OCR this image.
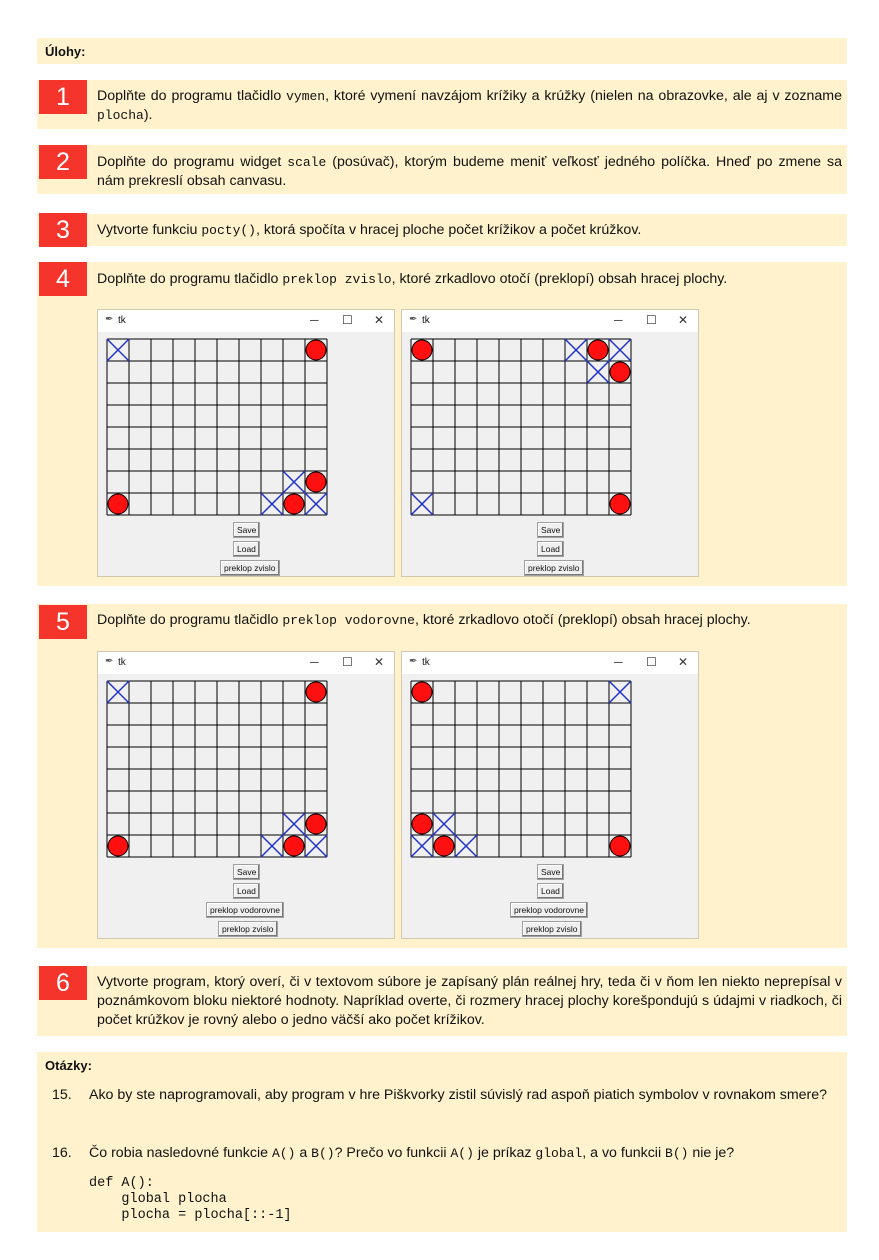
Úlohy:
Otázky:
1
2
3
4
5
6
Doplňte do programu tlačidlo vymen, ktoré vymení navzájom krížiky a krúžky (nielen na obrazovke, ale aj v zozname plocha).
Doplňte do programu widget scale (posúvač), ktorým budeme meniť veľkosť jedného políčka. Hneď po zmene sa nám prekreslí obsah canvasu.
Vytvorte funkciu pocty(), ktorá spočíta v hracej ploche počet krížikov a počet krúžkov.
Doplňte do programu tlačidlo preklop zvislo, ktoré zrkadlovo otočí (preklopí) obsah hracej plochy.
Doplňte do programu tlačidlo preklop vodorovne, ktoré zrkadlovo otočí (preklopí) obsah hracej plochy.
Vytvorte program, ktorý overí, či v textovom súbore je zapísaný plán reálnej hry, teda či v ňom len niekto neprepísal v poznámkovom bloku niektoré hodnoty. Napríklad overte, či rozmery hracej plochy korešpondujú s údajmi v riadkoch, či počet krúžkov je rovný alebo o jedno väčší ako počet krížikov.
✒ tk	─ ☐ ✕
Save
Load
preklop zvislo
✒ tk	─ ☐ ✕
Save
Load
preklop zvislo
✒ tk	─ ☐ ✕
Save
Load
preklop vodorovne
preklop zvislo
✒ tk	─ ☐ ✕
Save
Load
preklop vodorovne
preklop zvislo
15. Ako by ste naprogramovali, aby program v hre Piškvorky zistil súvislý rad aspoň piatich symbolov v rovnakom smere?
16. Čo robia nasledovné funkcie A() a B()? Prečo vo funkcii A() je príkaz global, a vo funkcii B() nie je?
def A():
global plocha
plocha = plocha[::-1]
